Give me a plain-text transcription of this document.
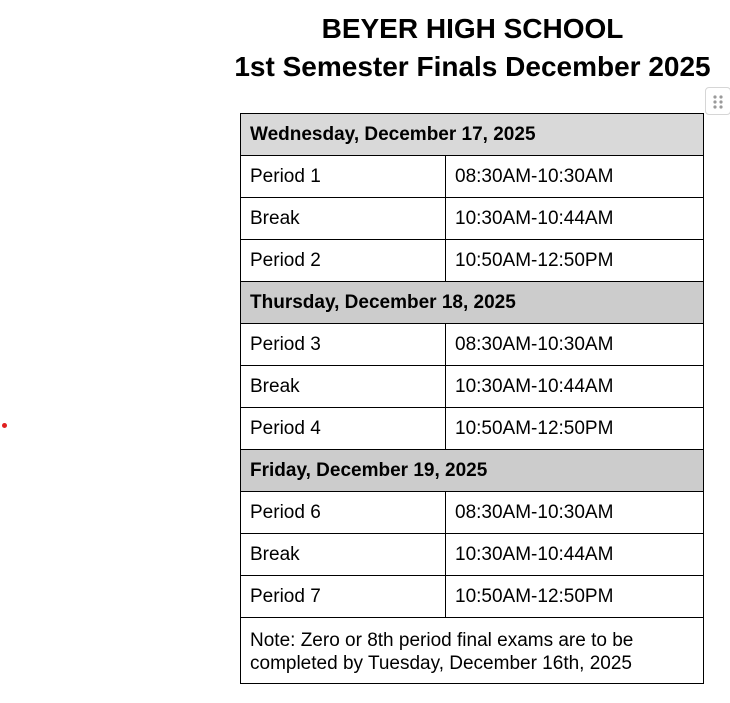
BEYER HIGH SCHOOL
1st Semester Finals December 2025
Wednesday, December 17, 2025	
Period 1	08:30AM-10:30AM
Break	10:30AM-10:44AM
Period 2	10:50AM-12:50PM
Thursday, December 18, 2025	
Period 3	08:30AM-10:30AM
Break	10:30AM-10:44AM
Period 4	10:50AM-12:50PM
Friday, December 19, 2025	
Period 6	08:30AM-10:30AM
Break	10:30AM-10:44AM
Period 7	10:50AM-12:50PM
Note: Zero or 8th period final exams are to be completed by Tuesday, December 16th, 2025	
